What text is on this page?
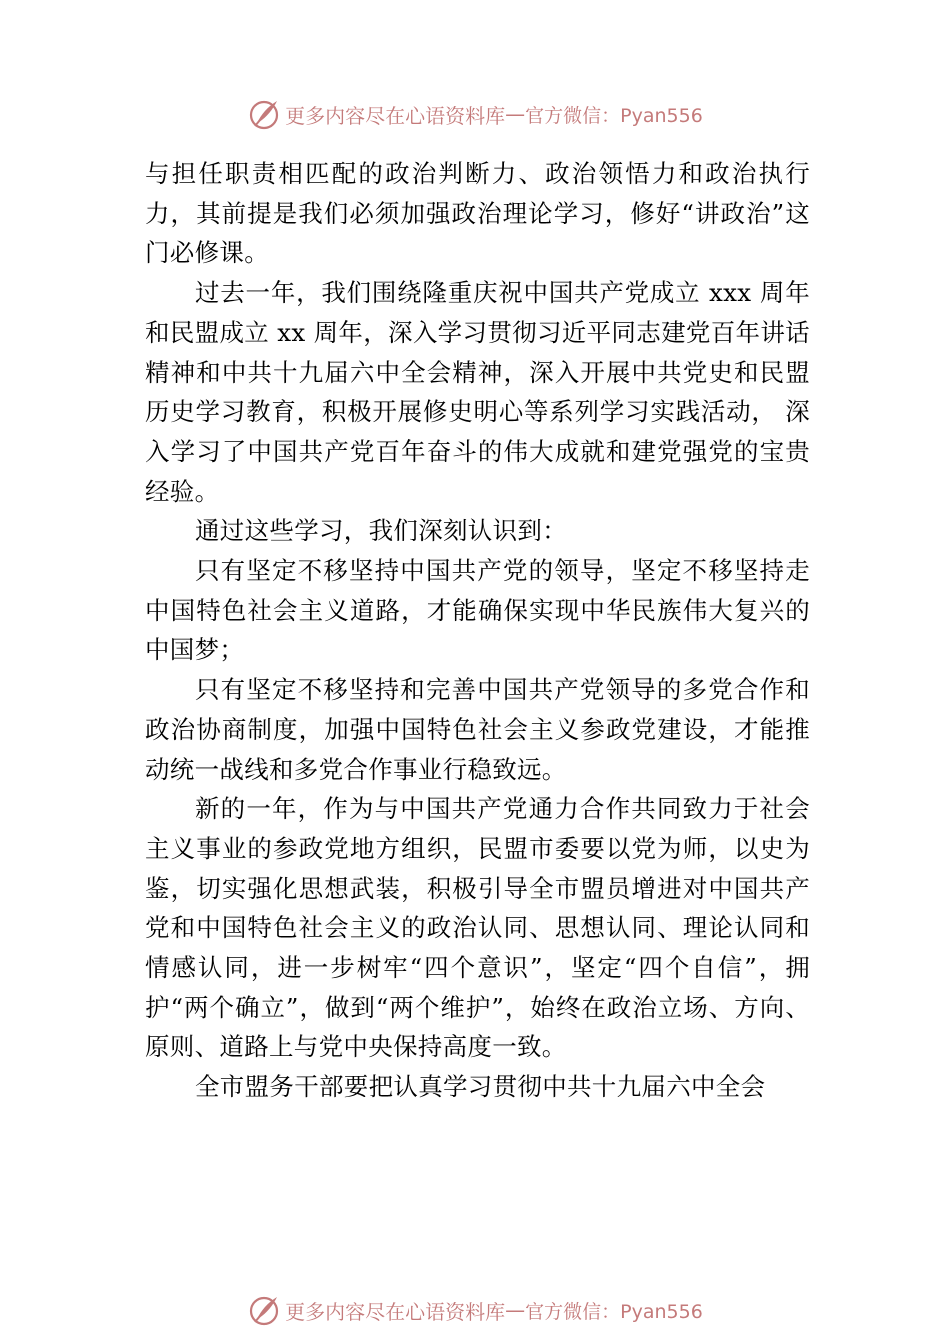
更多内容尽在心语资料库 — 官方微信：Pyan556

与担任职责相匹配的政治判断力、政治领悟力和政治执行力，其前提是我们必须加强政治理论学习，修好“讲政治”这门必修课。

过去一年，我们围绕隆重庆祝中国共产党成立 xxx 周年和民盟成立 xx 周年，深入学习贯彻习近平同志建党百年讲话精神和中共十九届六中全会精神，深入开展中共党史和民盟历史学习教育，积极开展修史明心等系列学习实践活动， 深入学习了中国共产党百年奋斗的伟大成就和建党强党的宝贵经验。

通过这些学习，我们深刻认识到：

只有坚定不移坚持中国共产党的领导，坚定不移坚持走中国特色社会主义道路，才能确保实现中华民族伟大复兴的中国梦；

只有坚定不移坚持和完善中国共产党领导的多党合作和政治协商制度，加强中国特色社会主义参政党建设，才能推动统一战线和多党合作事业行稳致远。

新的一年，作为与中国共产党通力合作共同致力于社会主义事业的参政党地方组织，民盟市委要以党为师，以史为鉴，切实强化思想武装，积极引导全市盟员增进对中国共产党和中国特色社会主义的政治认同、思想认同、理论认同和情感认同，进一步树牢“四个意识”，坚定“四个自信”，拥护“两个确立”，做到“两个维护”，始终在政治立场、方向、原则、道路上与党中央保持高度一致。

全市盟务干部要把认真学习贯彻中共十九届六中全会

更多内容尽在心语资料库 — 官方微信：Pyan556
